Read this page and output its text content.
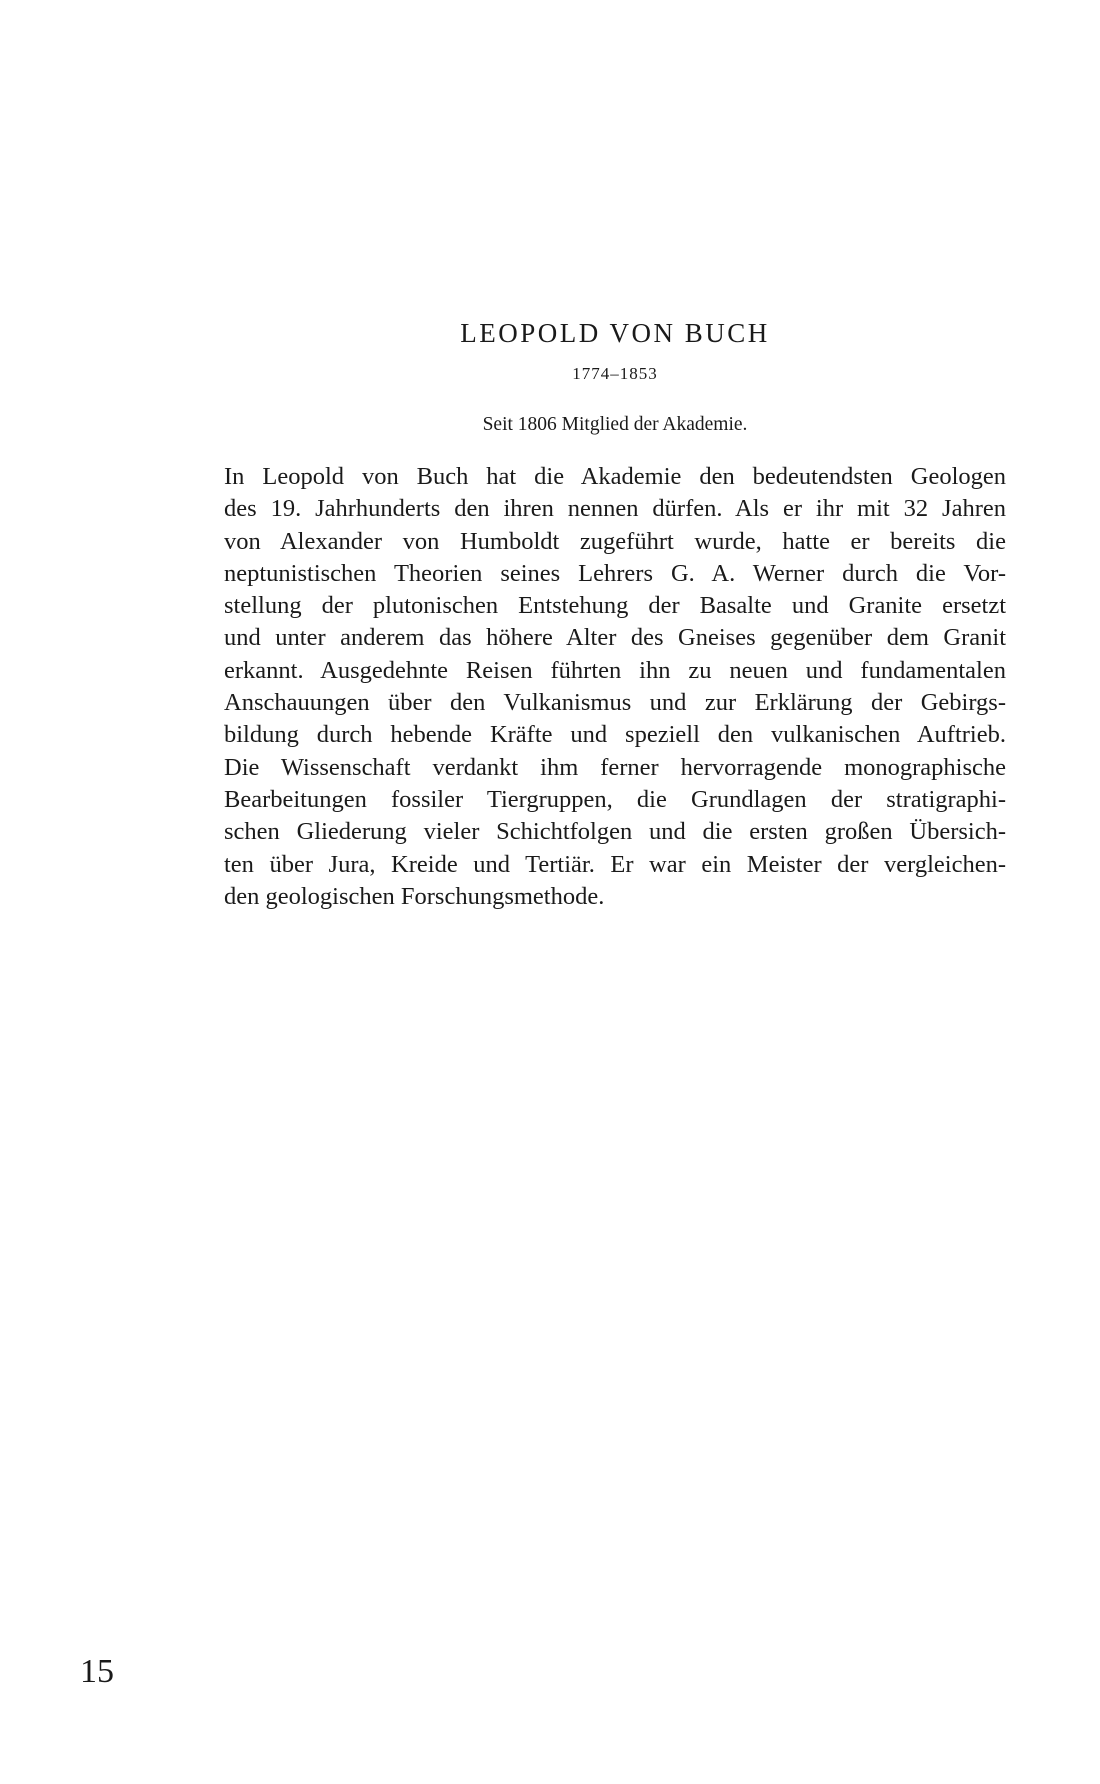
LEOPOLD VON BUCH
1774–1853
Seit 1806 Mitglied der Akademie.
In Leopold von Buch hat die Akademie den bedeutendsten Geologen
des 19. Jahrhunderts den ihren nennen dürfen. Als er ihr mit 32 Jahren
von Alexander von Humboldt zugeführt wurde, hatte er bereits die
neptunistischen Theorien seines Lehrers G. A. Werner durch die Vor-
stellung der plutonischen Entstehung der Basalte und Granite ersetzt
und unter anderem das höhere Alter des Gneises gegenüber dem Granit
erkannt. Ausgedehnte Reisen führten ihn zu neuen und fundamentalen
Anschauungen über den Vulkanismus und zur Erklärung der Gebirgs-
bildung durch hebende Kräfte und speziell den vulkanischen Auftrieb.
Die Wissenschaft verdankt ihm ferner hervorragende monographische
Bearbeitungen fossiler Tiergruppen, die Grundlagen der stratigraphi-
schen Gliederung vieler Schichtfolgen und die ersten großen Übersich-
ten über Jura, Kreide und Tertiär. Er war ein Meister der vergleichen-
den geologischen Forschungsmethode.
15
